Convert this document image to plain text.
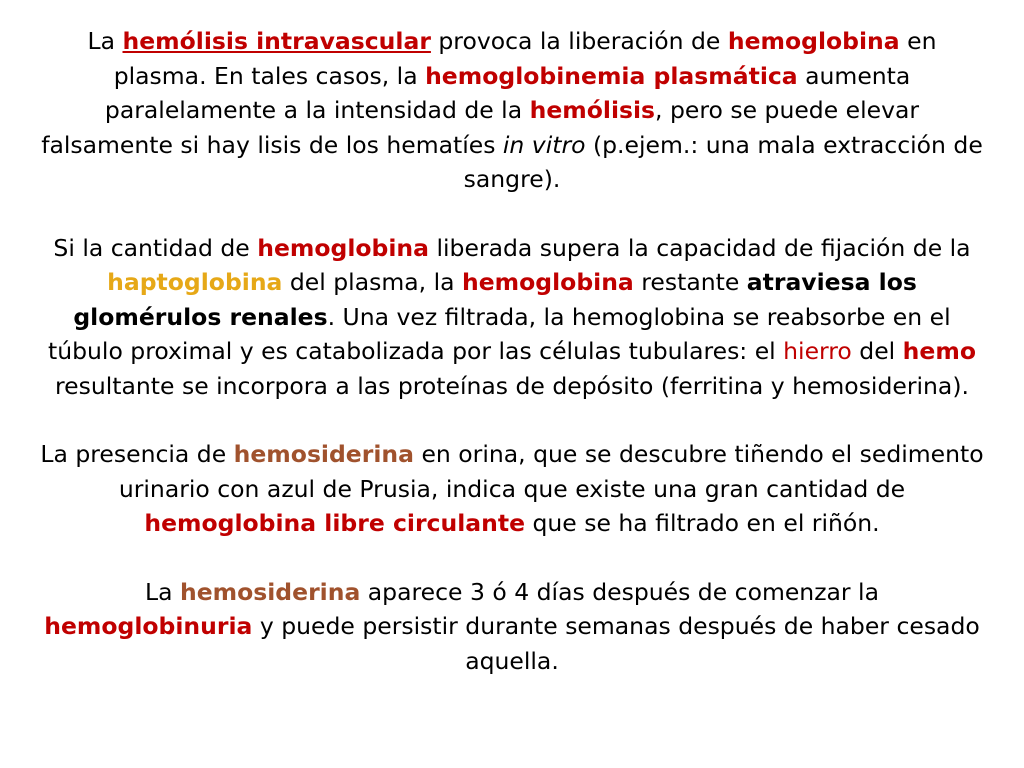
La hemólisis intravascular provoca la liberación de hemoglobina en plasma. En tales casos, la hemoglobinemia plasmática aumenta paralelamente a la intensidad de la hemólisis, pero se puede elevar falsamente si hay lisis de los hematíes in vitro (p.ejem.: una mala extracción de sangre).

Si la cantidad de hemoglobina liberada supera la capacidad de fijación de la haptoglobina del plasma, la hemoglobina restante atraviesa los glomérulos renales. Una vez filtrada, la hemoglobina se reabsorbe en el túbulo proximal y es catabolizada por las células tubulares: el hierro del hemo resultante se incorpora a las proteínas de depósito (ferritina y hemosiderina).

La presencia de hemosiderina en orina, que se descubre tiñendo el sedimento urinario con azul de Prusia, indica que existe una gran cantidad de hemoglobina libre circulante que se ha filtrado en el riñón.

La hemosiderina aparece 3 ó 4 días después de comenzar la hemoglobinuria y puede persistir durante semanas después de haber cesado aquella.
